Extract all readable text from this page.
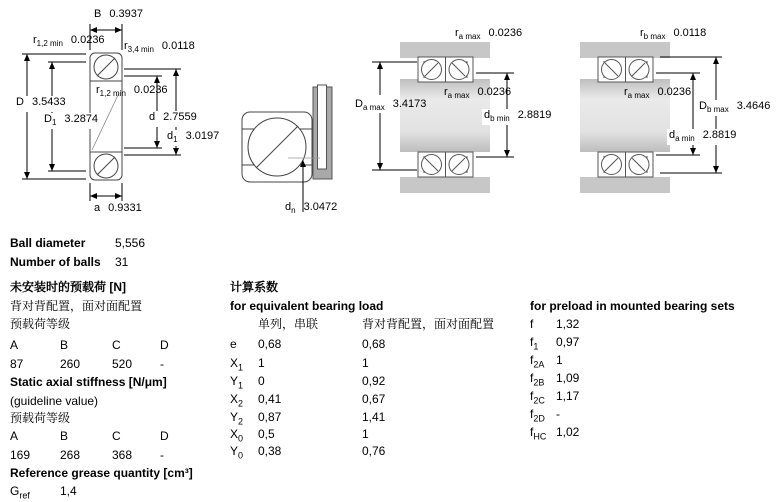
B 0.3937
$r_{1,2 min}$ 0.0236 $r_{3,4 min}$ 0.0118
D 3.5433
$D_1$ 3.2874
$r_{1,2 min}$ 0.0236
d 2.7559
$d_1$ 3.0197
a 0.9331	$d_n$ 3.0472
$r_{a max}$ 0.0236
$D_{a max}$ 3.4173
$r_{a max}$ 0.0236
$d_{b min}$ 2.8819
$r_{b max}$ 0.0118
$r_{a max}$ 0.0236
$D_{b max}$ 3.4646
$d_{a min}$ 2.8819
Ball diameter 5,556
Number of balls 31
未安装时的预载荷 [N]
背对背配置，面对面配置
预载荷等级
A	B	C	D
87	260	520 -
Static axial stiffness [N/μm]
(guideline value)
预载荷等级
A	B	C	D
169 268	368 -
Reference grease quantity [cm³]
$G_{ref}$	1,4
计算系数
for equivalent bearing load
单列，串联	背对背配置，面对面配置
e 0,68	0,68
$X_1$ 1	1
$Y_1$ 0	0,92
$X_2$ 0,41	0,67
$Y_2$ 0,87	1,41
$X_0$ 0,5	1
$Y_0$ 0,38	0,76
for preload in mounted bearing sets
f 1,32
$f_1$ 0,97
$f_{2A}$ 1
$f_{2B}$ 1,09
$f_{2C}$ 1,17
$f_{2D}$ -
$f_{HC}$ 1,02
